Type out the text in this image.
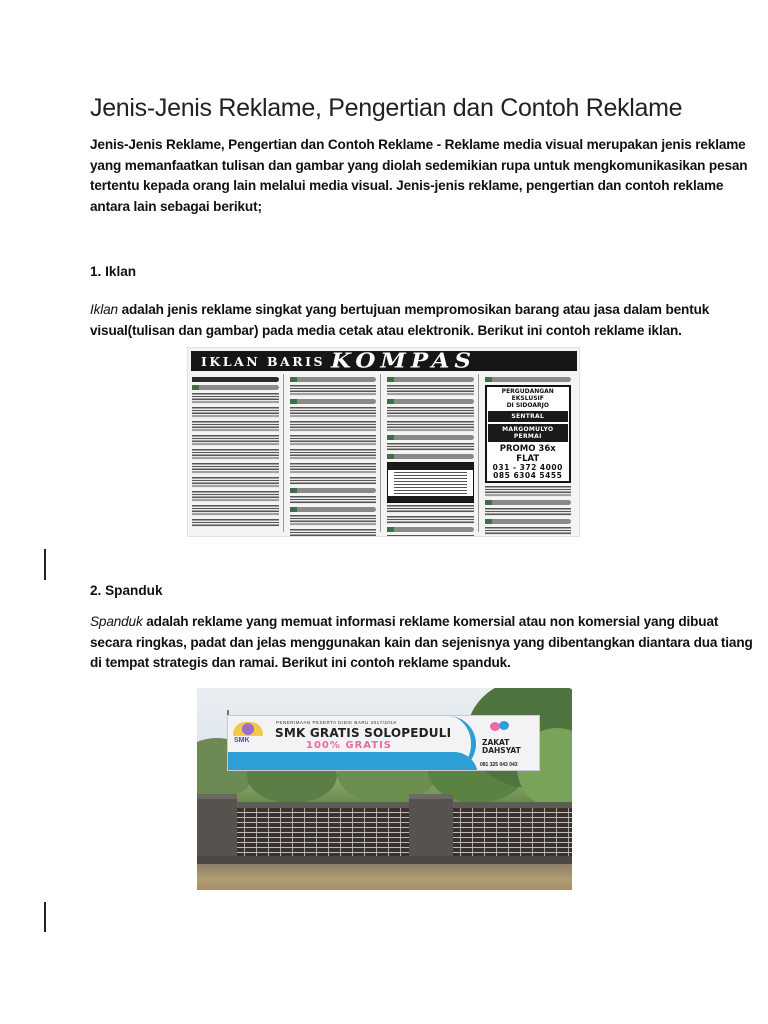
Jenis-Jenis Reklame, Pengertian dan Contoh Reklame
Jenis-Jenis Reklame, Pengertian dan Contoh Reklame - Reklame media visual merupakan jenis reklame
yang memanfaatkan tulisan dan gambar yang diolah sedemikian rupa untuk mengkomunikasikan pesan
tertentu kepada orang lain melalui media visual. Jenis-jenis reklame, pengertian dan contoh reklame
antara lain sebagai berikut;
1. Iklan
Iklan adalah jenis reklame singkat yang bertujuan mempromosikan barang atau jasa dalam bentuk
visual(tulisan dan gambar) pada media cetak atau elektronik. Berikut ini contoh reklame iklan.
IKLAN BARIS KOMPAS
PERGUDANGAN EKSLUSIF
DI SIDOARJO
SENTRAL
MARGOMULYO PERMAI
PROMO 36x FLAT
031 - 372 4000
085 6304 5455
2. Spanduk
Spanduk adalah reklame yang memuat informasi reklame komersial atau non komersial yang dibuat
secara ringkas, padat dan jelas menggunakan kain dan sejenisnya yang dibentangkan diantara dua tiang
di tempat strategis dan ramai. Berikut ini contoh reklame spanduk.
SMK
PENERIMAAN PESERTA DIDIK BARU 2017/2018
SMK GRATIS SOLOPEDULI
100% GRATIS	ZAKAT
DAHSYAT
081 325 043 043
